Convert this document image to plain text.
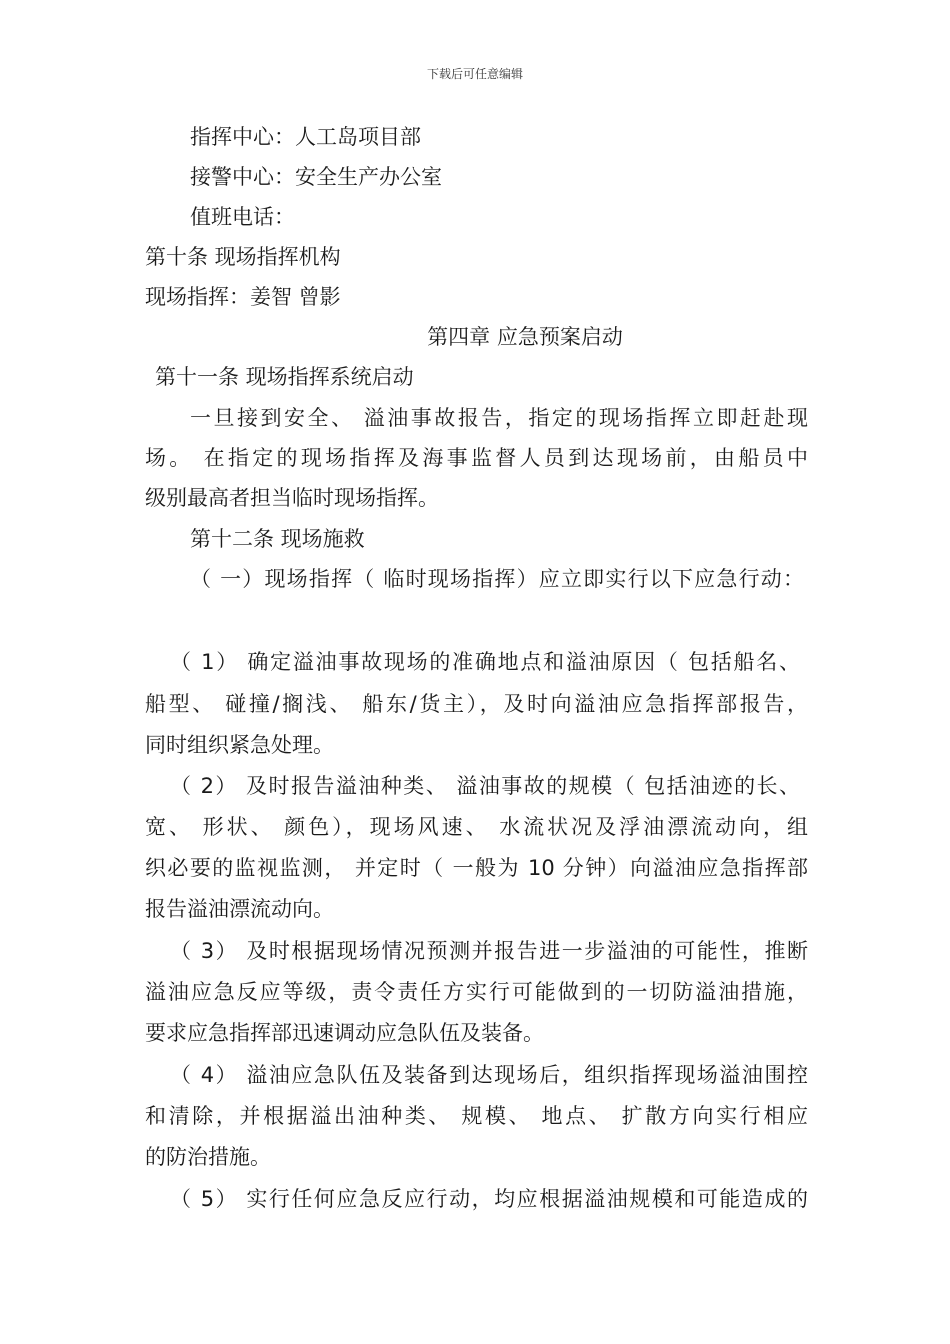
下载后可任意编辑
指挥中心：人工岛项目部
接警中心：安全生产办公室
值班电话：
第十条 现场指挥机构
现场指挥：姜智 曾影
第四章 应急预案启动
第十一条 现场指挥系统启动
一旦接到安全、 溢油事故报告，指定的现场指挥立即赶赴现
场。 在指定的现场指挥及海事监督人员到达现场前，由船员中
级别最高者担当临时现场指挥。
第十二条 现场施救
（ 一）现场指挥（ 临时现场指挥）应立即实行以下应急行动：
（ 1） 确定溢油事故现场的准确地点和溢油原因（ 包括船名、
船型、 碰撞/搁浅、 船东/货主），及时向溢油应急指挥部报告，
同时组织紧急处理。
（ 2） 及时报告溢油种类、 溢油事故的规模（ 包括油迹的长、
宽、 形状、 颜色），现场风速、 水流状况及浮油漂流动向，组
织必要的监视监测， 并定时（ 一般为 10 分钟）向溢油应急指挥部
报告溢油漂流动向。
（ 3） 及时根据现场情况预测并报告进一步溢油的可能性，推断
溢油应急反应等级，责令责任方实行可能做到的一切防溢油措施，
要求应急指挥部迅速调动应急队伍及装备。
（ 4） 溢油应急队伍及装备到达现场后，组织指挥现场溢油围控
和清除，并根据溢出油种类、 规模、 地点、 扩散方向实行相应
的防治措施。
（ 5） 实行任何应急反应行动，均应根据溢油规模和可能造成的
